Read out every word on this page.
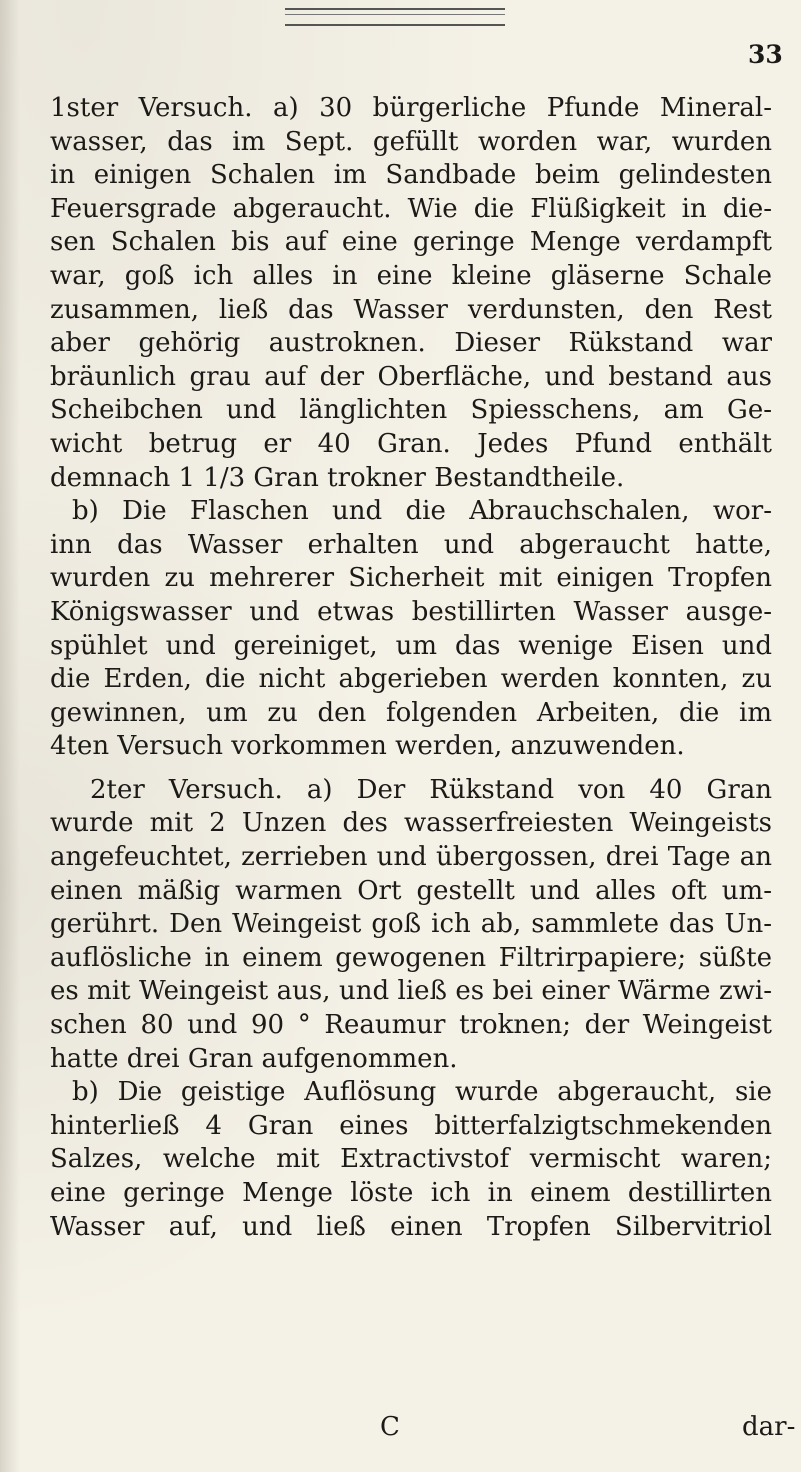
33
1ster Versuch. a) 30 bürgerliche Pfunde Mineral-
wasser, das im Sept. gefüllt worden war, wurden
in einigen Schalen im Sandbade beim gelindesten
Feuersgrade abgeraucht. Wie die Flüßigkeit in die-
sen Schalen bis auf eine geringe Menge verdampft
war, goß ich alles in eine kleine gläserne Schale
zusammen, ließ das Wasser verdunsten, den Rest
aber gehörig austroknen. Dieser Rükstand war
bräunlich grau auf der Oberfläche, und bestand aus
Scheibchen und länglichten Spiesschens, am Ge-
wicht betrug er 40 Gran. Jedes Pfund enthält
demnach 1 1/3 Gran trokner Bestandtheile.
b) Die Flaschen und die Abrauchschalen, wor-
inn das Wasser erhalten und abgeraucht hatte,
wurden zu mehrerer Sicherheit mit einigen Tropfen
Königswasser und etwas bestillirten Wasser ausge-
spühlet und gereiniget, um das wenige Eisen und
die Erden, die nicht abgerieben werden konnten, zu
gewinnen, um zu den folgenden Arbeiten, die im
4ten Versuch vorkommen werden, anzuwenden.
2ter Versuch. a) Der Rükstand von 40 Gran
wurde mit 2 Unzen des wasserfreiesten Weingeists
angefeuchtet, zerrieben und übergossen, drei Tage an
einen mäßig warmen Ort gestellt und alles oft um-
gerührt. Den Weingeist goß ich ab, sammlete das Un-
auflösliche in einem gewogenen Filtrirpapiere; süßte
es mit Weingeist aus, und ließ es bei einer Wärme zwi-
schen 80 und 90 ° Reaumur troknen; der Weingeist
hatte drei Gran aufgenommen.
b) Die geistige Auflösung wurde abgeraucht, sie
hinterließ 4 Gran eines bitterfalzigtschmekenden
Salzes, welche mit Extractivstof vermischt waren;
eine geringe Menge löste ich in einem destillirten
Wasser auf, und ließ einen Tropfen Silbervitriol
C	dar-
